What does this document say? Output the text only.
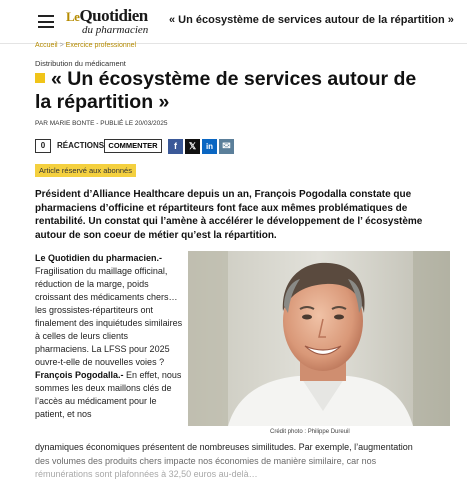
LeQuotidien
du pharmacien
« Un écosystème de services autour de la répartition »
Accueil > Exercice professionnel
Distribution du médicament
« Un écosystème de services autour de la répartition »
PAR MARIE BONTE - PUBLIÉ LE 20/03/2025
0	RÉACTIONS COMMENTER	f	𝕏	in ✉
Article réservé aux abonnés

Président d’Alliance Healthcare depuis un an, François Pogodalla constate que pharmaciens d’officine et répartiteurs font face aux mêmes problématiques de rentabilité. Un constat qui l’amène à accélérer le développement de l’ écosystème autour de son coeur de métier qu’est la répartition.

Le Quotidien du pharmacien.-
Fragilisation du maillage officinal, réduction de la marge, poids croissant des médicaments chers… les grossistes-répartiteurs ont finalement des inquiétudes similaires à celles de leurs clients pharmaciens. La LFSS pour 2025 ouvre-t-elle de nouvelles voies ?
François Pogodalla.- En effet, nous sommes les deux maillons clés de l’accès au médicament pour le patient, et nos
Crédit photo : Philippe Dureuil
dynamiques économiques présentent de nombreuses similitudes. Par exemple, l’augmentation
des volumes des produits chers impacte nos économies de manière similaire, car nos
rémunérations sont plafonnées à 32,50 euros au-delà…
